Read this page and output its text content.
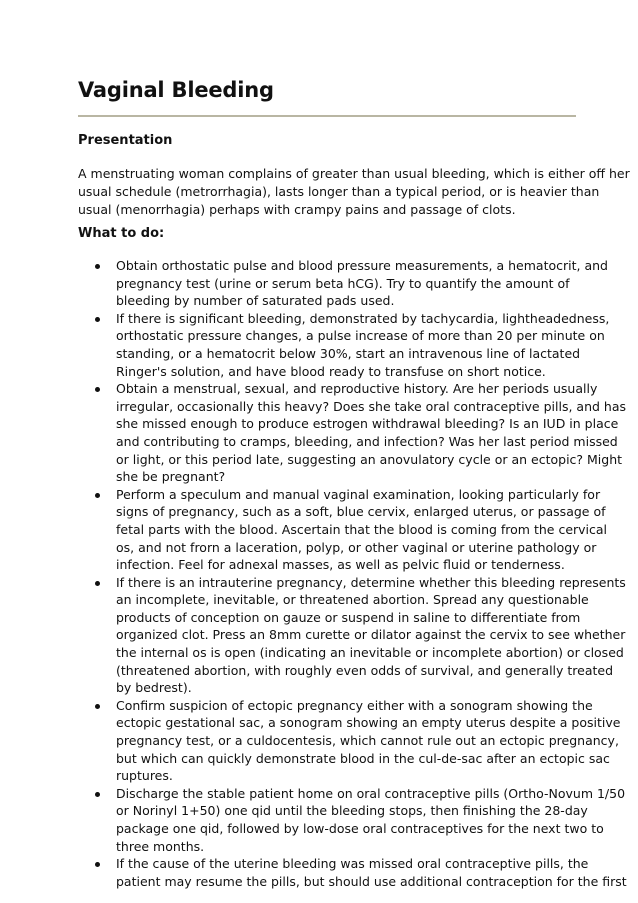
Vaginal Bleeding
Presentation

A menstruating woman complains of greater than usual bleeding, which is either off her
usual schedule (metrorrhagia), lasts longer than a typical period, or is heavier than
usual (menorrhagia) perhaps with crampy pains and passage of clots.

What to do:
Obtain orthostatic pulse and blood pressure measurements, a hematocrit, and
pregnancy test (urine or serum beta hCG). Try to quantify the amount of
bleeding by number of saturated pads used.
If there is significant bleeding, demonstrated by tachycardia, lightheadedness,
orthostatic pressure changes, a pulse increase of more than 20 per minute on
standing, or a hematocrit below 30%, start an intravenous line of lactated
Ringer's solution, and have blood ready to transfuse on short notice.
Obtain a menstrual, sexual, and reproductive history. Are her periods usually
irregular, occasionally this heavy? Does she take oral contraceptive pills, and has
she missed enough to produce estrogen withdrawal bleeding? Is an IUD in place
and contributing to cramps, bleeding, and infection? Was her last period missed
or light, or this period late, suggesting an anovulatory cycle or an ectopic? Might
she be pregnant?
Perform a speculum and manual vaginal examination, looking particularly for
signs of pregnancy, such as a soft, blue cervix, enlarged uterus, or passage of
fetal parts with the blood. Ascertain that the blood is coming from the cervical
os, and not frorn a laceration, polyp, or other vaginal or uterine pathology or
infection. Feel for adnexal masses, as well as pelvic fluid or tenderness.
If there is an intrauterine pregnancy, determine whether this bleeding represents
an incomplete, inevitable, or threatened abortion. Spread any questionable
products of conception on gauze or suspend in saline to differentiate from
organized clot. Press an 8mm curette or dilator against the cervix to see whether
the internal os is open (indicating an inevitable or incomplete abortion) or closed
(threatened abortion, with roughly even odds of survival, and generally treated
by bedrest).
Confirm suspicion of ectopic pregnancy either with a sonogram showing the
ectopic gestational sac, a sonogram showing an empty uterus despite a positive
pregnancy test, or a culdocentesis, which cannot rule out an ectopic pregnancy,
but which can quickly demonstrate blood in the cul-de-sac after an ectopic sac
ruptures.
Discharge the stable patient home on oral contraceptive pills (Ortho-Novum 1/50
or Norinyl 1+50) one qid until the bleeding stops, then finishing the 28-day
package one qid, followed by low-dose oral contraceptives for the next two to
three months.
If the cause of the uterine bleeding was missed oral contraceptive pills, the
patient may resume the pills, but should use additional contraception for the first
